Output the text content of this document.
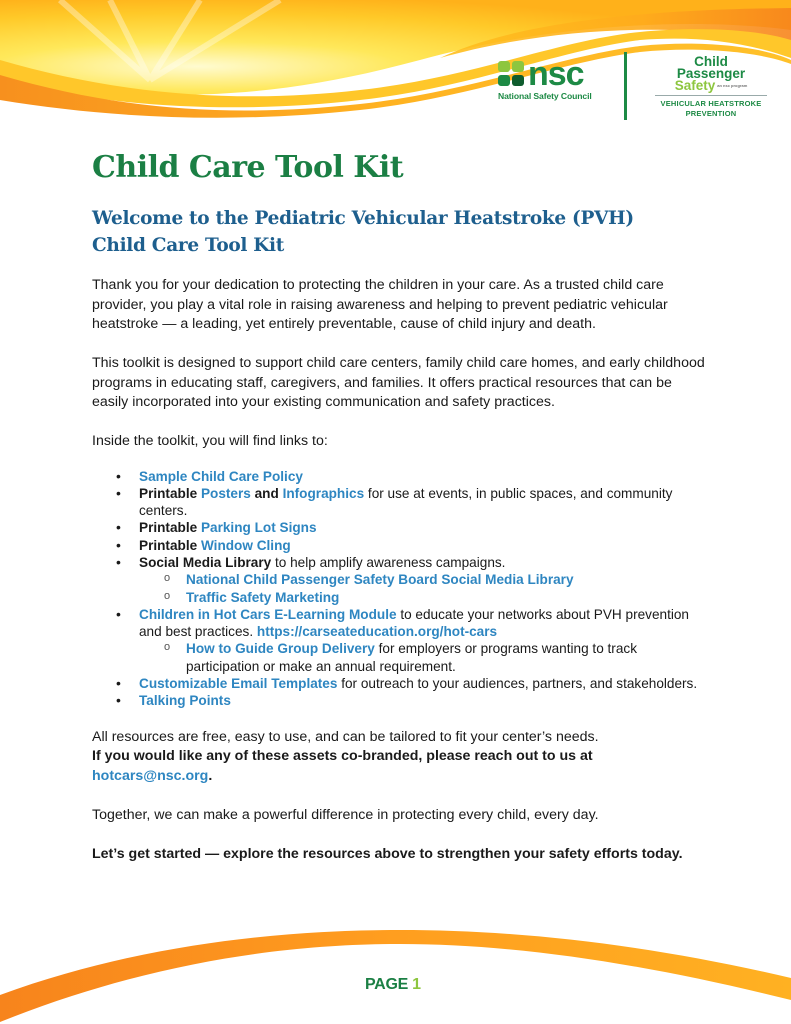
nsc
National Safety Council
Child
Passenger
Safety an nsc program
VEHICULAR HEATSTROKE
PREVENTION
Child Care Tool Kit
Welcome to the Pediatric Vehicular Heatstroke (PVH)
Child Care Tool Kit

Thank you for your dedication to protecting the children in your care. As a trusted child care provider, you play a vital role in raising awareness and helping to prevent pediatric vehicular heatstroke — a leading, yet entirely preventable, cause of child injury and death.

This toolkit is designed to support child care centers, family child care homes, and early childhood programs in educating staff, caregivers, and families. It offers practical resources that can be easily incorporated into your existing communication and safety practices.

Inside the toolkit, you will find links to:

• Sample Child Care Policy
• Printable Posters and Infographics for use at events, in public spaces, and community centers.
• Printable Parking Lot Signs
• Printable Window Cling
• Social Media Library to help amplify awareness campaigns.
o National Child Passenger Safety Board Social Media Library
o Traffic Safety Marketing
• Children in Hot Cars E-Learning Module to educate your networks about PVH prevention and best practices. https://carseateducation.org/hot-cars
o How to Guide Group Delivery for employers or programs wanting to track participation or make an annual requirement.
• Customizable Email Templates for outreach to your audiences, partners, and stakeholders.
• Talking Points

All resources are free, easy to use, and can be tailored to fit your center’s needs.
If you would like any of these assets co-branded, please reach out to us at hotcars@nsc.org.

Together, we can make a powerful difference in protecting every child, every day.

Let’s get started — explore the resources above to strengthen your safety efforts today.

PAGE 1
